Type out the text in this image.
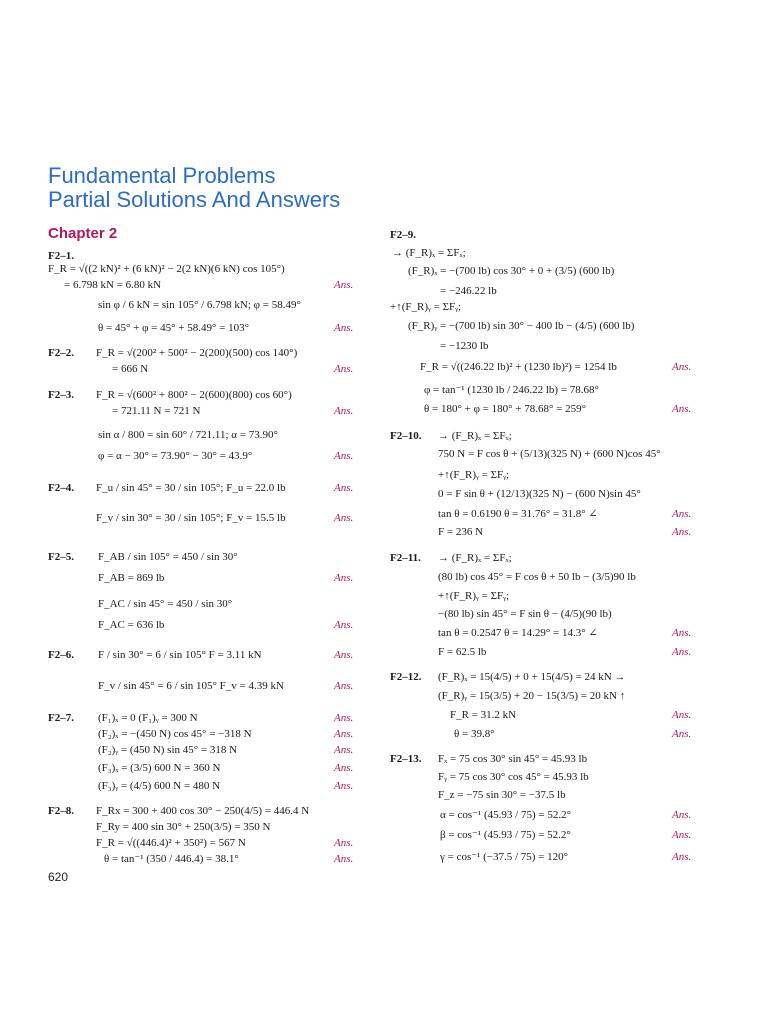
Fundamental Problems
Partial Solutions And Answers
Chapter 2
F2–1.
F_R = √((2 kN)² + (6 kN)² − 2(2 kN)(6 kN) cos 105°)
= 6.798 kN = 6.80 kN	Ans.
sin φ / 6 kN = sin 105° / 6.798 kN; φ = 58.49°
θ = 45° + φ = 45° + 58.49° = 103°	Ans.
F2–2. F_R = √(200² + 500² − 2(200)(500) cos 140°)
= 666 N	Ans.
F2–3. F_R = √(600² + 800² − 2(600)(800) cos 60°)
= 721.11 N = 721 N	Ans.
sin α / 800 = sin 60° / 721.11; α = 73.90°
φ = α − 30° = 73.90° − 30° = 43.9°	Ans.
F2–4. F_u / sin 45° = 30 / sin 105°; F_u = 22.0 lb	Ans.
F_v / sin 30° = 30 / sin 105°; F_v = 15.5 lb	Ans.
F2–5. F_AB / sin 105° = 450 / sin 30°
F_AB = 869 lb	Ans.
F_AC / sin 45° = 450 / sin 30°
F_AC = 636 lb	Ans.
F2–6. F / sin 30° = 6 / sin 105° F = 3.11 kN	Ans.
F_v / sin 45° = 6 / sin 105° F_v = 4.39 kN	Ans.
F2–7. (F₁)ₓ = 0 (F₁)ᵧ = 300 N	Ans.
(F₂)ₓ = −(450 N) cos 45° = −318 N	Ans.
(F₂)ᵧ = (450 N) sin 45° = 318 N	Ans.
(F₃)ₓ = (3/5) 600 N = 360 N	Ans.
(F₃)ᵧ = (4/5) 600 N = 480 N	Ans.
F2–8. F_Rx = 300 + 400 cos 30° − 250(4/5) = 446.4 N
F_Ry = 400 sin 30° + 250(3/5) = 350 N
F_R = √((446.4)² + 350²) = 567 N	Ans.
θ = tan⁻¹ (350 / 446.4) = 38.1°	Ans.
F2–9.
→ (F_R)ₓ = ΣFₓ;
(F_R)ₓ = −(700 lb) cos 30° + 0 + (3/5) (600 lb)
= −246.22 lb
+↑(F_R)ᵧ = ΣFᵧ;
(F_R)ᵧ = −(700 lb) sin 30° − 400 lb − (4/5) (600 lb)
= −1230 lb
F_R = √((246.22 lb)² + (1230 lb)²) = 1254 lb	Ans.
φ = tan⁻¹ (1230 lb / 246.22 lb) = 78.68°
θ = 180° + φ = 180° + 78.68° = 259°	Ans.
F2–10. → (F_R)ₓ = ΣFₓ;
750 N = F cos θ + (5/13)(325 N) + (600 N)cos 45°
+↑(F_R)ᵧ = ΣFᵧ;
0 = F sin θ + (12/13)(325 N) − (600 N)sin 45°
tan θ = 0.6190 θ = 31.76° = 31.8° ∠	Ans.
F = 236 N	Ans.
F2–11. → (F_R)ₓ = ΣFₓ;
(80 lb) cos 45° = F cos θ + 50 lb − (3/5)90 lb
+↑(F_R)ᵧ = ΣFᵧ;
−(80 lb) sin 45° = F sin θ − (4/5)(90 lb)
tan θ = 0.2547 θ = 14.29° = 14.3° ∠	Ans.
F = 62.5 lb	Ans.
F2–12. (F_R)ₓ = 15(4/5) + 0 + 15(4/5) = 24 kN →
(F_R)ᵧ = 15(3/5) + 20 − 15(3/5) = 20 kN ↑
F_R = 31.2 kN	Ans.
θ = 39.8°	Ans.
F2–13. Fₓ = 75 cos 30° sin 45° = 45.93 lb
Fᵧ = 75 cos 30° cos 45° = 45.93 lb
F_z = −75 sin 30° = −37.5 lb
α = cos⁻¹ (45.93 / 75) = 52.2°	Ans.
β = cos⁻¹ (45.93 / 75) = 52.2°	Ans.
γ = cos⁻¹ (−37.5 / 75) = 120°	Ans.
620
